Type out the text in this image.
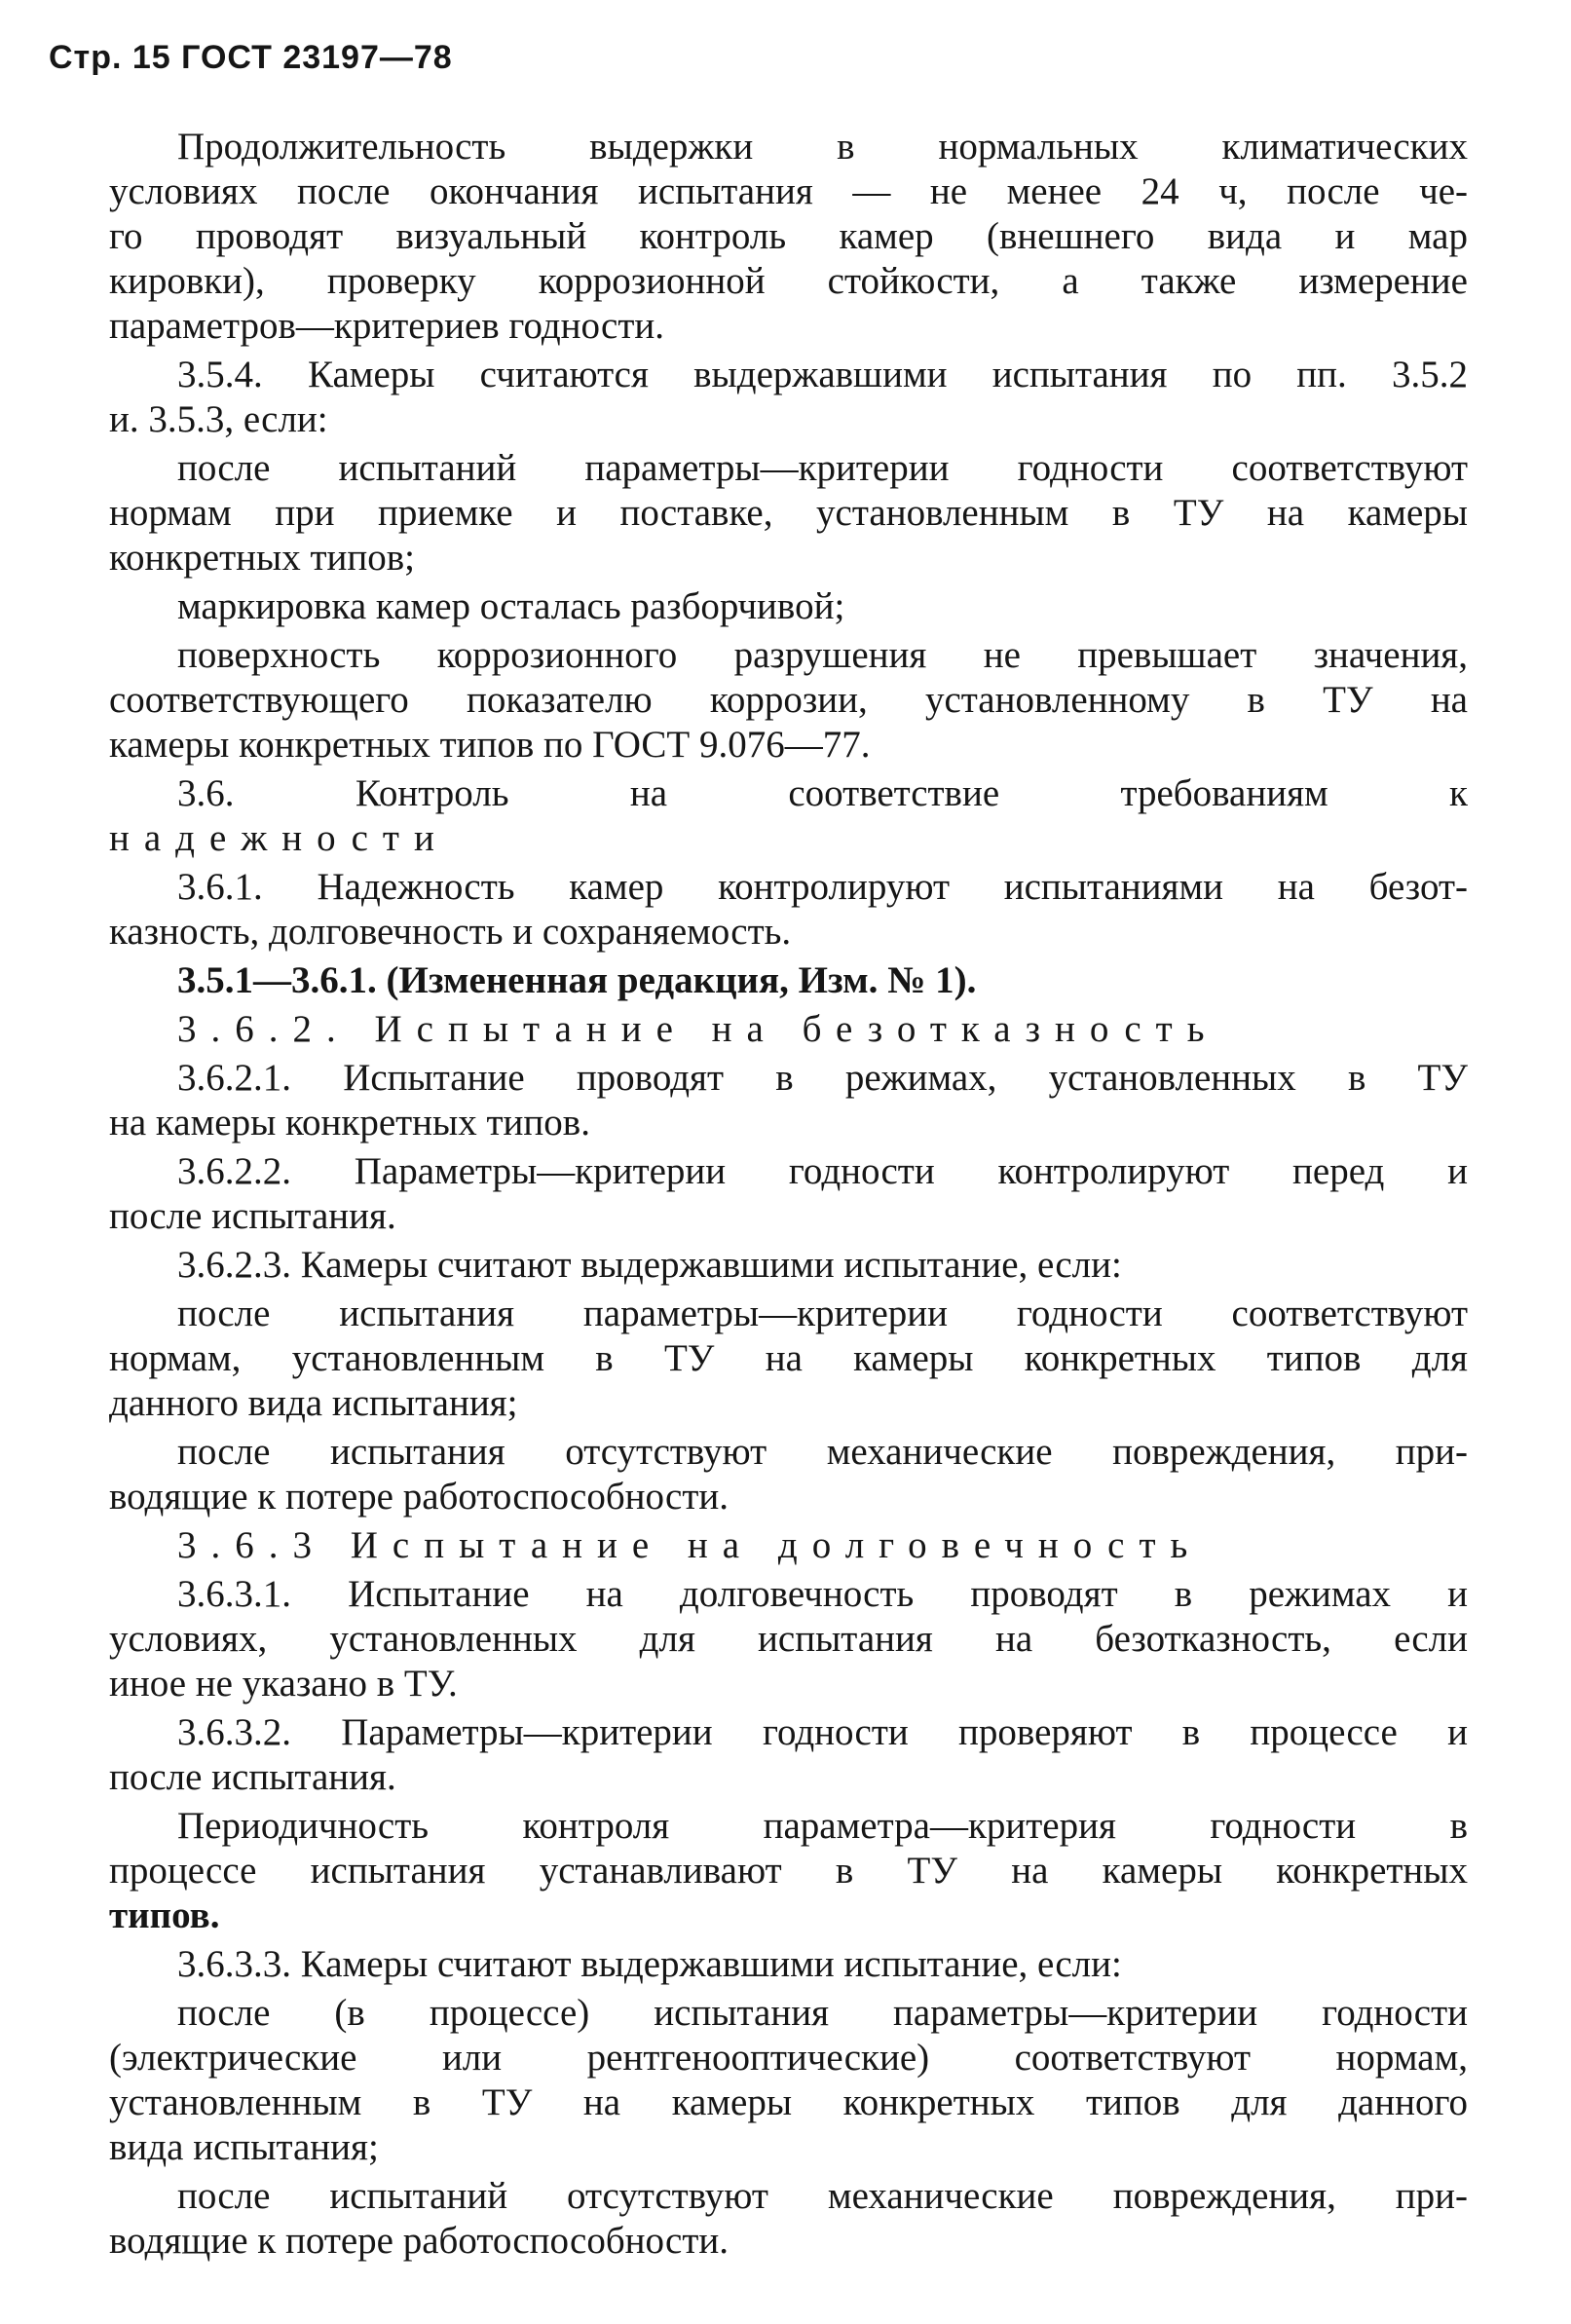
Стр. 15 ГОСТ 23197—78
Продолжительность выдержки в нормальных климатических
условиях после окончания испытания — не менее 24 ч, после че-
го проводят визуальный контроль камер (внешнего вида и мар
кировки), проверку коррозионной стойкости, а также измерение
параметров—критериев годности.
3.5.4. Камеры считаются выдержавшими испытания по пп. 3.5.2
и. 3.5.3, если:
после испытаний параметры—критерии годности соответствуют
нормам при приемке и поставке, установленным в ТУ на камеры
конкретных типов;
маркировка камер осталась разборчивой;
поверхность коррозионного разрушения не превышает значения,
соответствующего показателю коррозии, установленному в ТУ на
камеры конкретных типов по ГОСТ 9.076—77.
3.6. Контроль на соответствие требованиям к
надежности
3.6.1. Надежность камер контролируют испытаниями на безот-
казность, долговечность и сохраняемость.
3.5.1—3.6.1. (Измененная редакция, Изм. № 1).
3.6.2. Испытание на безотказность
3.6.2.1. Испытание проводят в режимах, установленных в ТУ
на камеры конкретных типов.
3.6.2.2. Параметры—критерии годности контролируют перед и
после испытания.
3.6.2.3. Камеры считают выдержавшими испытание, если:
после испытания параметры—критерии годности соответствуют
нормам, установленным в ТУ на камеры конкретных типов для
данного вида испытания;
после испытания отсутствуют механические повреждения, при-
водящие к потере работоспособности.
3.6.3 Испытание на долговечность
3.6.3.1. Испытание на долговечность проводят в режимах и
условиях, установленных для испытания на безотказность, если
иное не указано в ТУ.
3.6.3.2. Параметры—критерии годности проверяют в процессе и
после испытания.
Периодичность контроля параметра—критерия годности в
процессе испытания устанавливают в ТУ на камеры конкретных
типов.
3.6.3.3. Камеры считают выдержавшими испытание, если:
после (в процессе) испытания параметры—критерии годности
(электрические или рентгенооптические) соответствуют нормам,
установленным в ТУ на камеры конкретных типов для данного
вида испытания;
после испытаний отсутствуют механические повреждения, при-
водящие к потере работоспособности.
